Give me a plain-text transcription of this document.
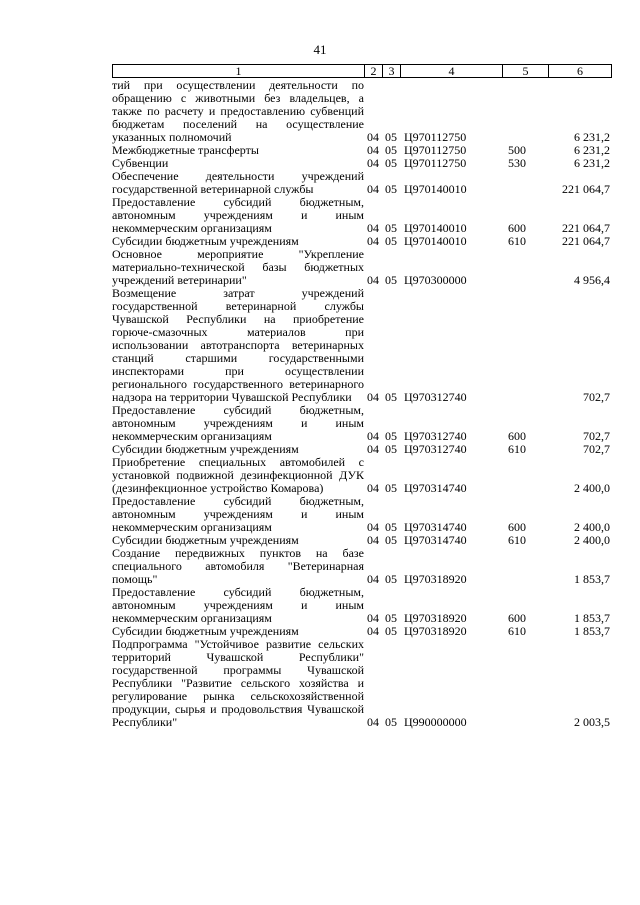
41
1	2	3	4	5	6
тий при осуществлении деятельности по обращению с животными без владельцев, а также по расчету и предоставлению субвенций бюджетам поселений на осуществление указанных полномочий	04 05 Ц970112750	6 231,2
Межбюджетные трансферты	04 05 Ц970112750	500	6 231,2
Субвенции	04 05 Ц970112750	530	6 231,2
Обеспечение деятельности учреждений государственной ветеринарной службы	04 05 Ц970140010	221 064,7
Предоставление субсидий бюджетным, автономным учреждениям и иным некоммерческим организациям	04 05 Ц970140010	600	221 064,7
Субсидии бюджетным учреждениям	04 05 Ц970140010	610	221 064,7
Основное мероприятие "Укрепление материально-технической базы бюджетных учреждений ветеринарии"	04 05 Ц970300000	4 956,4
Возмещение затрат учреждений государственной ветеринарной службы Чувашской Республики на приобретение горюче-смазочных материалов при использовании автотранспорта ветеринарных станций старшими государственными инспекторами при осуществлении регионального государственного ветеринарного надзора на территории Чувашской Республики	04 05 Ц970312740	702,7
Предоставление субсидий бюджетным, автономным учреждениям и иным некоммерческим организациям	04 05 Ц970312740	600	702,7
Субсидии бюджетным учреждениям	04 05 Ц970312740	610	702,7
Приобретение специальных автомобилей с установкой подвижной дезинфекционной ДУК (дезинфекционное устройство Комарова)	04 05 Ц970314740	2 400,0
Предоставление субсидий бюджетным, автономным учреждениям и иным некоммерческим организациям	04 05 Ц970314740	600	2 400,0
Субсидии бюджетным учреждениям	04 05 Ц970314740	610	2 400,0
Создание передвижных пунктов на базе специального автомобиля "Ветеринарная помощь"	04 05 Ц970318920	1 853,7
Предоставление субсидий бюджетным, автономным учреждениям и иным некоммерческим организациям	04 05 Ц970318920	600	1 853,7
Субсидии бюджетным учреждениям	04 05 Ц970318920	610	1 853,7
Подпрограмма "Устойчивое развитие сельских территорий Чувашской Республики" государственной программы Чувашской Республики "Развитие сельского хозяйства и регулирование рынка сельскохозяйственной продукции, сырья и продовольствия Чувашской Республики"	04 05 Ц990000000	2 003,5
